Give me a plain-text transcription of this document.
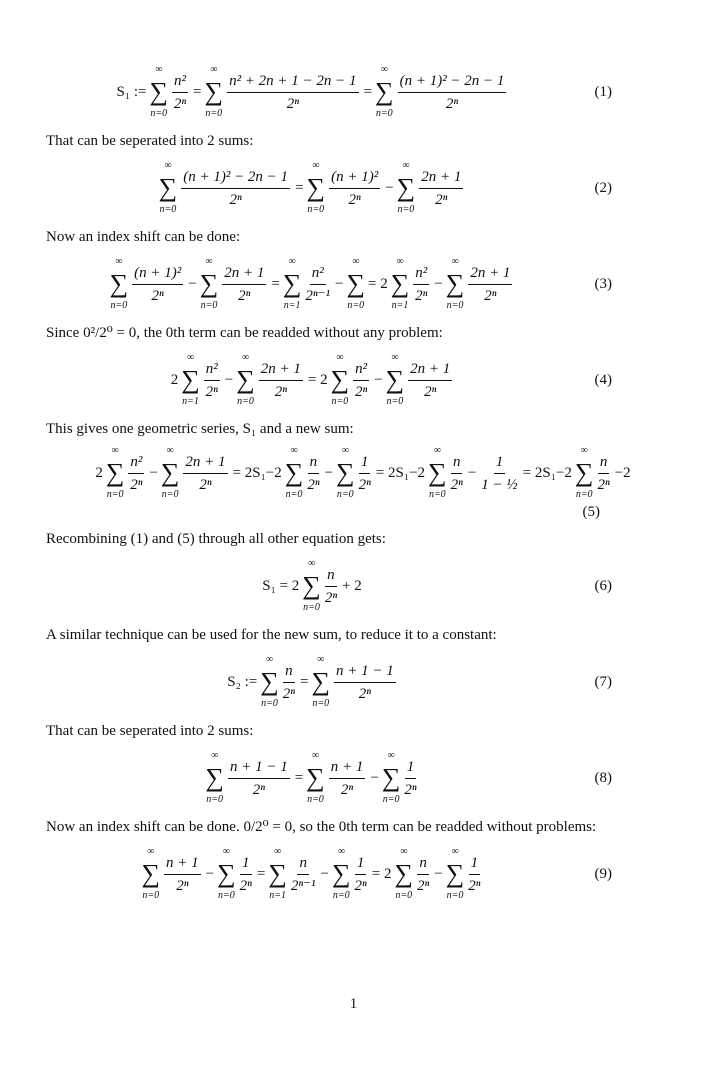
S₁ :=
∞
∑
n=0
$\frac{\text{n²}}{\text{2ⁿ}}$ =
∞
∑
n=0
$\frac{\text{n² + 2n + 1 − 2n − 1}}{\text{2ⁿ}}$ =
∞
∑
n=0
$\frac{\text{(n + 1)² − 2n − 1}}{\text{2ⁿ}}$	(1)
That can be seperated into 2 sums:
∞
∑
n=0
$\frac{\text{(n + 1)² − 2n − 1}}{\text{2ⁿ}}$ =
∞
∑
n=0
$\frac{\text{(n + 1)²}}{\text{2ⁿ}}$ −
∞
∑
n=0
$\frac{2n + 1}{\text{2ⁿ}}$	(2)
Now an index shift can be done:
∞
∑
n=0
$\frac{\text{(n + 1)²}}{\text{2ⁿ}}$ −
∞
∑
n=0
$\frac{2n + 1}{\text{2ⁿ}}$ =
∞
∑
n=1
$\frac{\text{n²}}{\text{2ⁿ⁻¹}}$ −
∞
∑
n=0
= 2
∞
∑
n=1
$\frac{\text{n²}}{\text{2ⁿ}}$ −
∞
∑
n=0
$\frac{2n + 1}{\text{2ⁿ}}$	(3)
Since 0²/2⁰ = 0, the 0th term can be readded without any problem:
2
∞
∑
n=1
$\frac{\text{n²}}{\text{2ⁿ}}$ −
∞
∑
n=0
$\frac{2n + 1}{\text{2ⁿ}} = 2$
∞
∑
n=0
$\frac{\text{n²}}{\text{2ⁿ}}$ −
∞
∑
n=0
$\frac{2n + 1}{\text{2ⁿ}}$	(4)
This gives one geometric series, S₁ and a new sum:
2
∞
∑
n=0
$\frac{\text{n²}}{\text{2ⁿ}}$ −
∞
∑
n=0
$\frac{2n + 1}{\text{2ⁿ}} = 2S_1-2$
∞
∑
n=0
$\frac{n}{\text{2ⁿ}}$ −
∞
∑
n=0
$\frac{1}{\text{2ⁿ}} = 2S_1-2$
∞
∑
n=0
$\frac{n}{\text{2ⁿ}} - \frac{1}{\text{1 − ½}} = 2S_1-2$
∞
∑
n=0
$\frac{n}{\text{2ⁿ}} -2$
(5)
Recombining (1) and (5) through all other equation gets:
S₁ = 2
∞
∑
n=0
$\frac{n}{\text{2ⁿ}} + 2$	(6)
A similar technique can be used for the new sum, to reduce it to a constant:
S₂ :=
∞
∑
n=0
$\frac{n}{\text{2ⁿ}}$ =
∞
∑
n=0
$\frac{n + 1 - 1}{\text{2ⁿ}}$	(7)
That can be seperated into 2 sums:
∞
∑
n=0
$\frac{n + 1 - 1}{\text{2ⁿ}}$ =
∞
∑
n=0
$\frac{n + 1}{\text{2ⁿ}}$ −
∞
∑
n=0
$\frac{1}{\text{2ⁿ}}$	(8)
Now an index shift can be done. 0/2⁰ = 0, so the 0th term can be readded without problems:
∞
∑
n=0
$\frac{n + 1}{\text{2ⁿ}}$ −
∞
∑
n=0
$\frac{1}{\text{2ⁿ}}$ =
∞
∑
n=1
$\frac{n}{\text{2ⁿ⁻¹}}$ −
∞
∑
n=0
$\frac{1}{\text{2ⁿ}} = 2$
∞
∑
n=0
$\frac{n}{\text{2ⁿ}}$ −
∞
∑
n=0
$\frac{1}{\text{2ⁿ}}$	(9)
1
